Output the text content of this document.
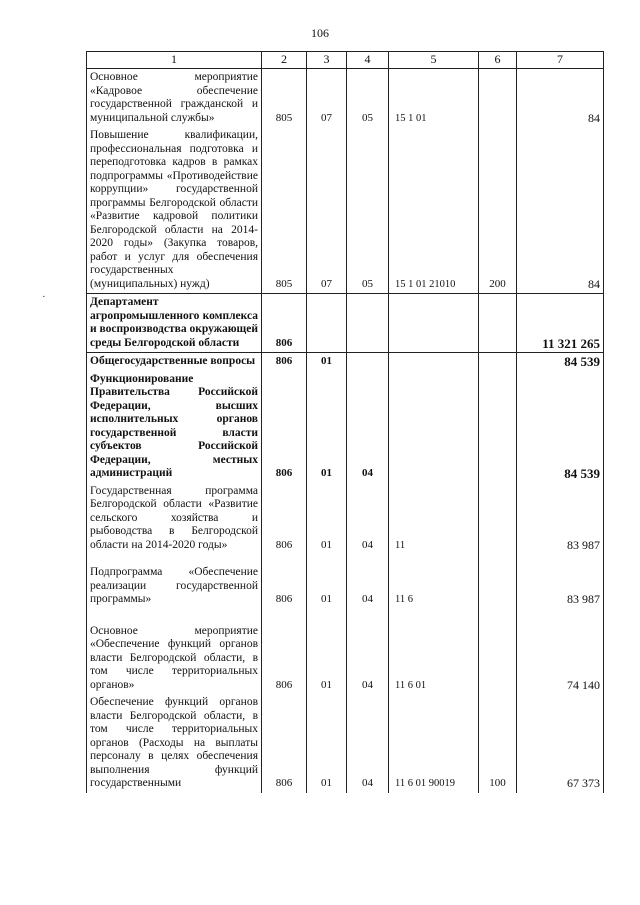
106
1	2	3	4	5	6	7

Основное мероприятие «Кадровое обеспечение государственной гражданской и муниципальной службы»	805	07	05	15 1 01		84

Повышение квалификации, профессиональная подготовка и переподготовка кадров в рамках подпрограммы «Противодействие коррупции» государственной программы Белгородской области «Развитие кадровой политики Белгородской области на 2014-2020 годы» (Закупка товаров, работ и услуг для обеспечения государственных (муниципальных) нужд)	805	07	05	15 1 01 21010	200	84

Департамент агропромышленного комплекса и воспроизводства окружающей среды Белгородской области	806					11 321 265

Общегосударственные вопросы	806	01				84 539

Функционирование Правительства Российской Федерации, высших исполнительных органов государственной власти субъектов Российской Федерации, местных администраций	806	01	04			84 539

Государственная программа Белгородской области «Развитие сельского хозяйства и рыбоводства в Белгородской области на 2014-2020 годы»	806	01	04	11		83 987

Подпрограмма «Обеспечение реализации государственной программы»	806	01	04	11 6		83 987

Основное мероприятие «Обеспечение функций органов власти Белгородской области, в том числе территориальных органов»	806	01	04	11 6 01		74 140

Обеспечение функций органов власти Белгородской области, в том числе территориальных органов (Расходы на выплаты персоналу в целях обеспечения выполнения функций государственными	806	01	04	11 6 01 90019	100	67 373
·
